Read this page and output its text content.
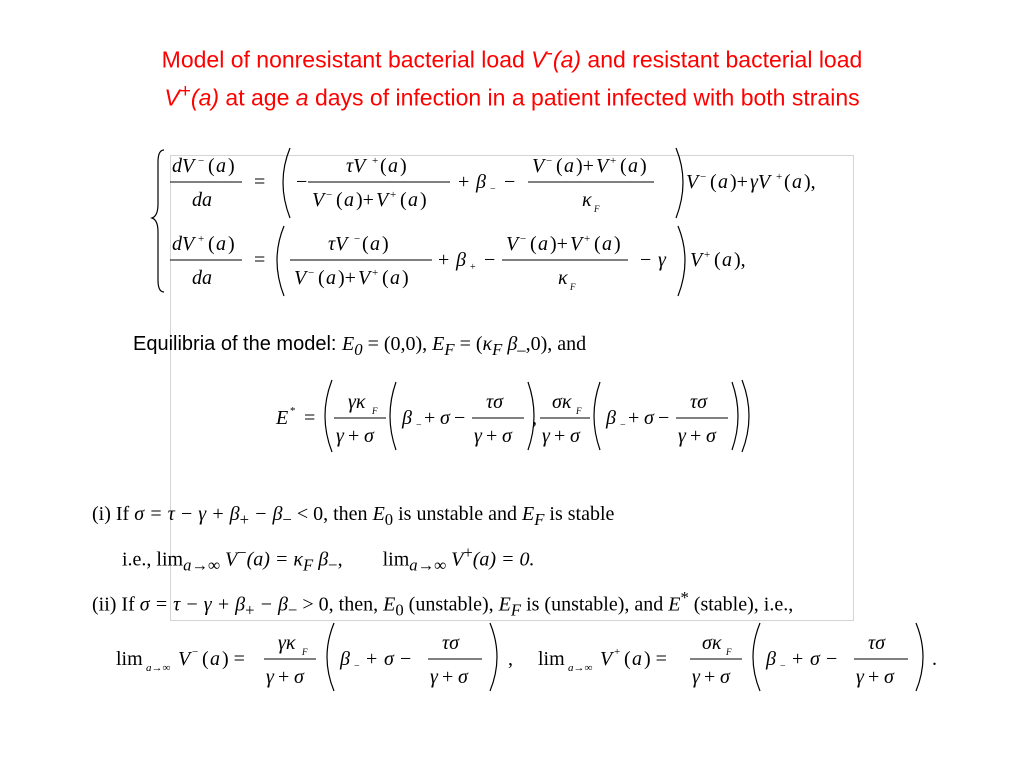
Model of nonresistant bacterial load V-(a) and resistant bacterial load
V+(a) at age a days of infection in a patient infected with both strains
dV − ( a )
da
= −
τV + ( a )
V − ( a )+ V + ( a )
+ β − −
V − ( a )+ V + ( a )
κ F
V − ( a )+ γV + ( a ),
dV + ( a )
da
=
τV − ( a )
V − ( a )+ V + ( a )
+ β + −
V − ( a )+ V + ( a )
κ F
− γ V + ( a ),
Equilibria of the model: $E_0 = (0,0)$, $E_F = (\kappa_F$ $\beta_-,0$), and
E * =
γκ F
γ + σ
β − + σ −
τσ
γ + σ
,
σκ F
γ + σ
β − + σ −
τσ
γ + σ
(i) If $\sigma = \tau - \gamma + \beta_+ - \beta_- < 0$, then $E_0$ is unstable and $E_F$ is stable
i.e., $\lim_{a\to\infty} V^-(a) = \kappa_F$ $\beta_-$, $\lim_{a\to\infty} V^+(a) = 0$.
(ii) If $\sigma = \tau - \gamma + \beta_+ - \beta_- > 0$, then, $E_0$ (unstable), $E_F$ is (unstable), and E* (stable), i.e.,
lim a→∞ V − ( a ) =
γκ F
γ + σ
β − + σ −
τσ
γ + σ
, lim a→∞ V + ( a ) =
σκ F
γ + σ
β − + σ −
τσ
γ + σ
.
